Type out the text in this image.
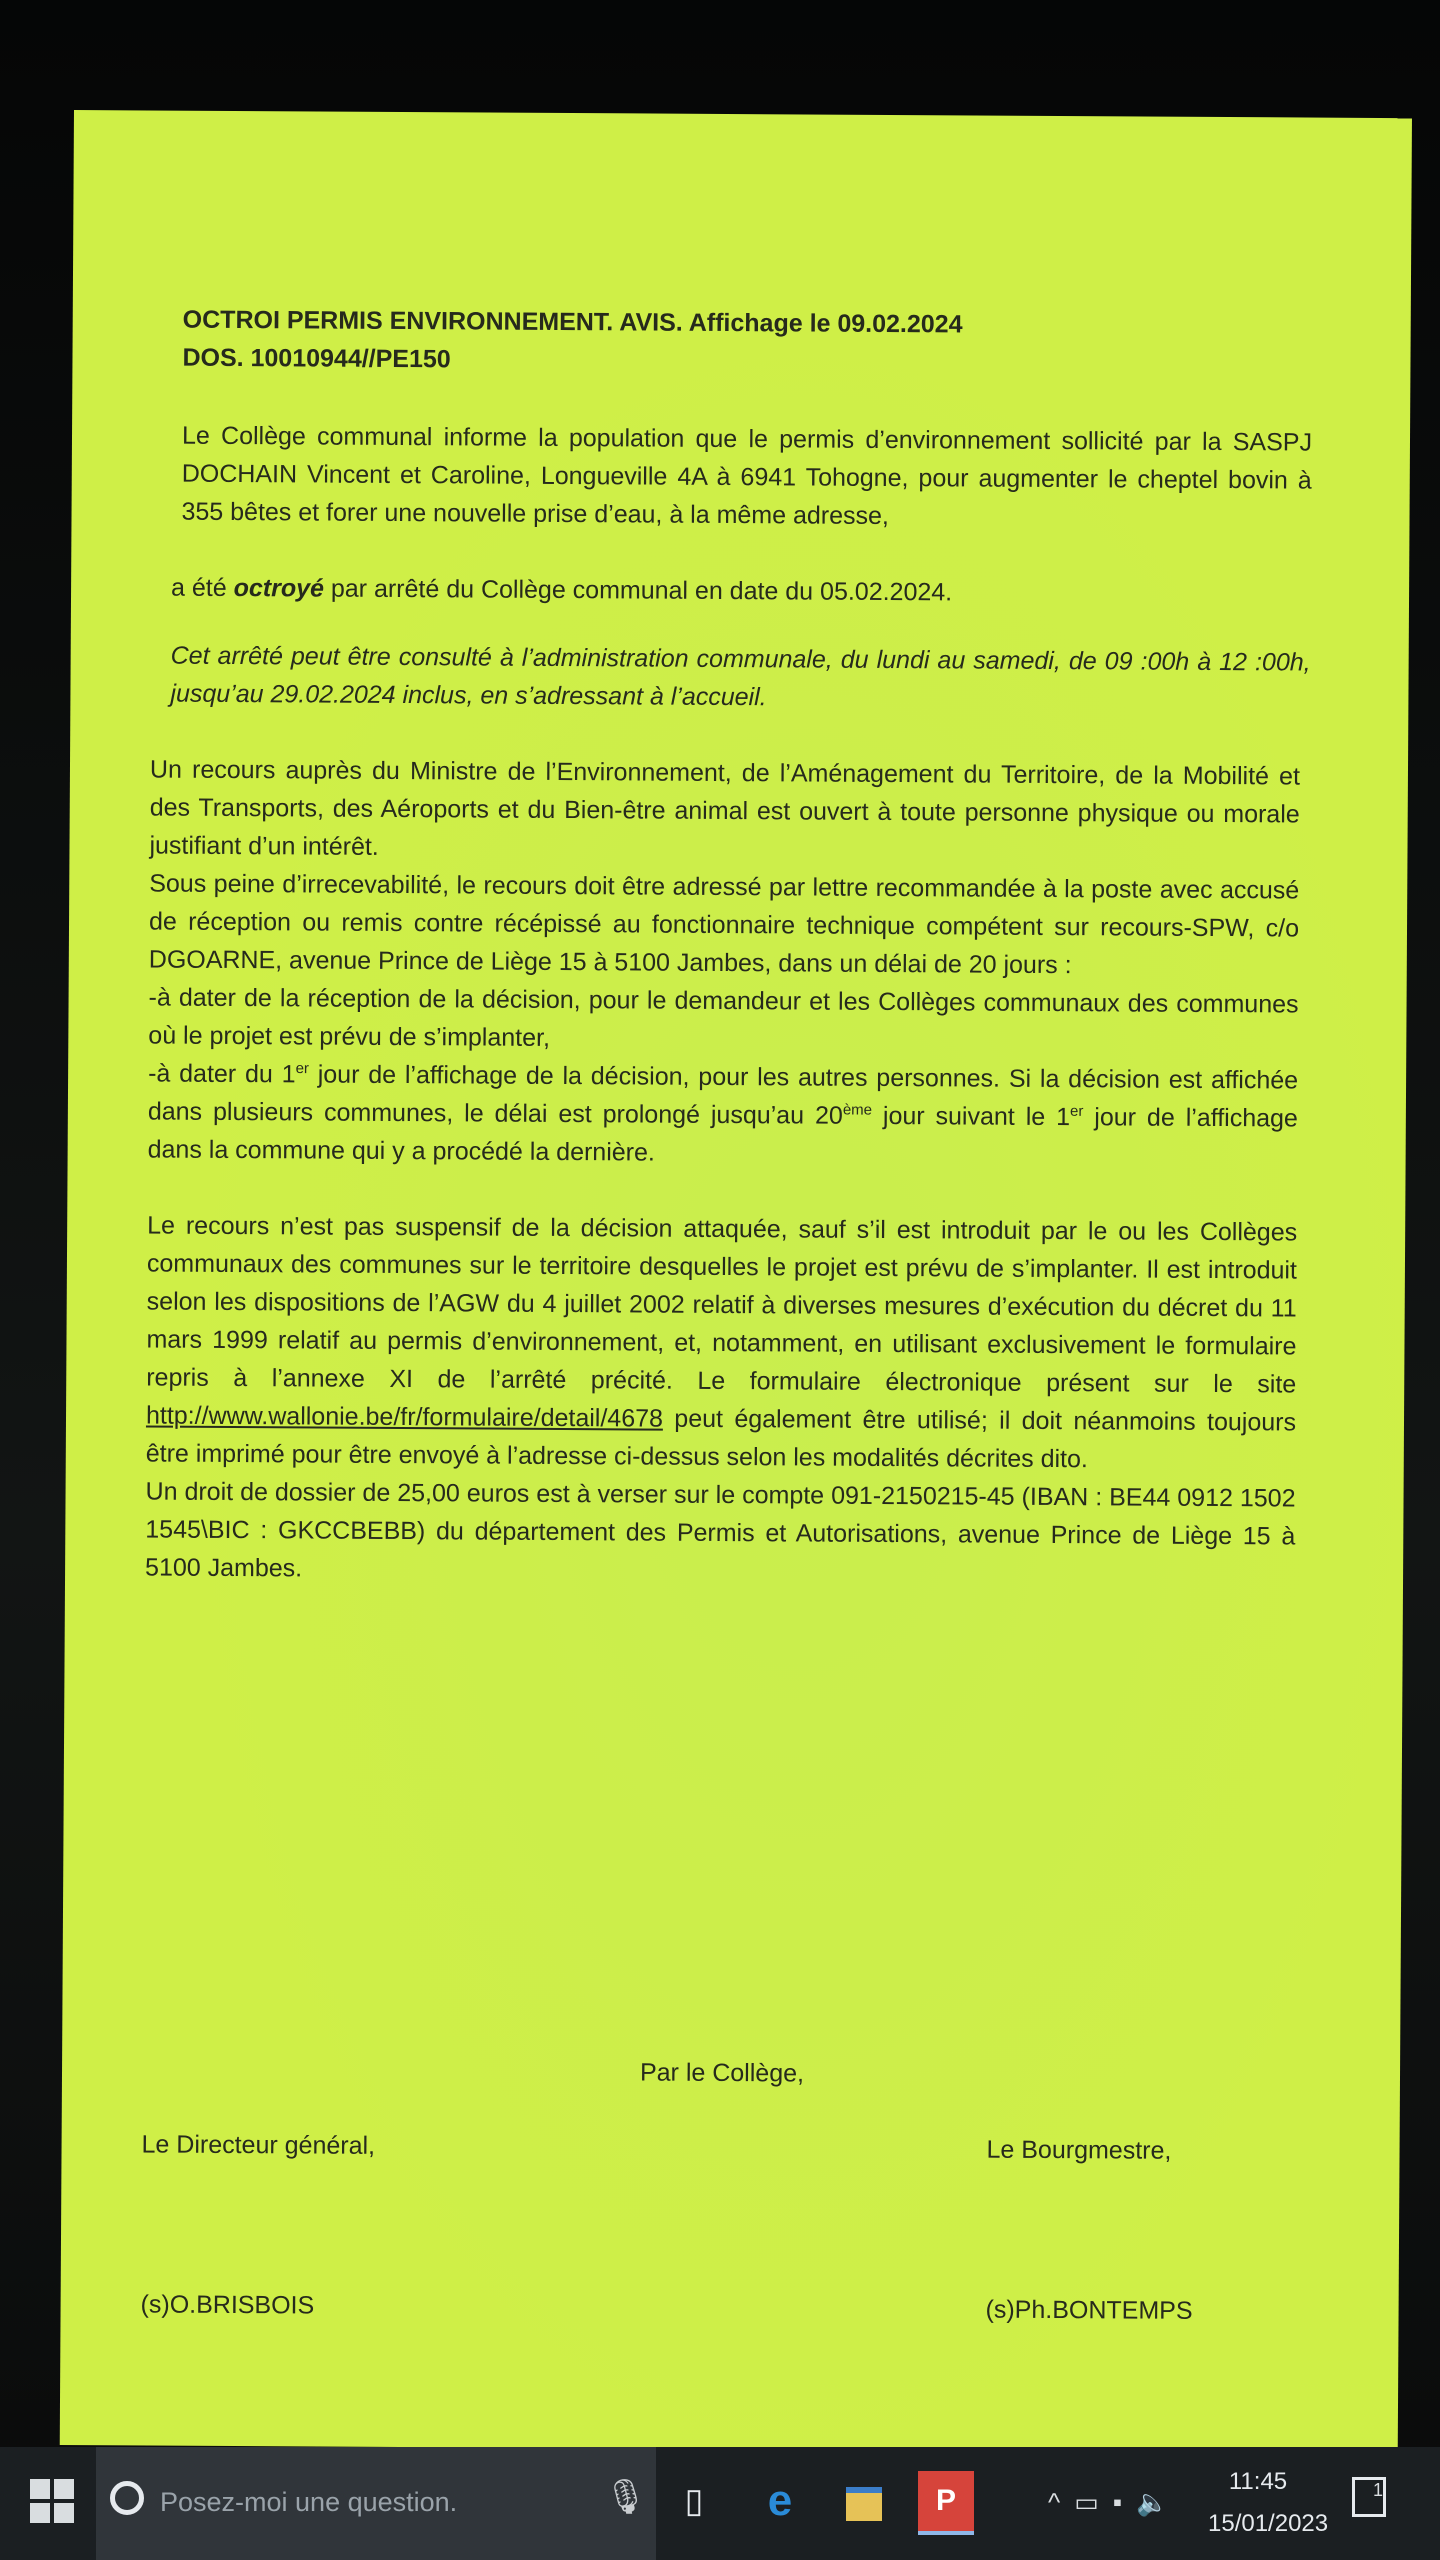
OCTROI PERMIS ENVIRONNEMENT. AVIS. Affichage le 09.02.2024
DOS. 10010944//PE150

Le Collège communal informe la population que le permis d’environnement sollicité par la SASPJ DOCHAIN Vincent et Caroline, Longueville 4A à 6941 Tohogne, pour augmenter le cheptel bovin à 355 bêtes et forer une nouvelle prise d’eau, à la même adresse,

a été octroyé par arrêté du Collège communal en date du 05.02.2024.

Cet arrêté peut être consulté à l’administration communale, du lundi au samedi, de 09 :00h à 12 :00h, jusqu’au 29.02.2024 inclus, en s’adressant à l’accueil.

Un recours auprès du Ministre de l’Environnement, de l’Aménagement du Territoire, de la Mobilité et des Transports, des Aéroports et du Bien-être animal est ouvert à toute personne physique ou morale justifiant d’un intérêt.

Sous peine d’irrecevabilité, le recours doit être adressé par lettre recommandée à la poste avec accusé de réception ou remis contre récépissé au fonctionnaire technique compétent sur recours-SPW, c/o DGOARNE, avenue Prince de Liège 15 à 5100 Jambes, dans un délai de 20 jours :

-à dater de la réception de la décision, pour le demandeur et les Collèges communaux des communes où le projet est prévu de s’implanter,

-à dater du 1er jour de l’affichage de la décision, pour les autres personnes. Si la décision est affichée dans plusieurs communes, le délai est prolongé jusqu’au 20ème jour suivant le 1er jour de l’affichage dans la commune qui y a procédé la dernière.

Le recours n’est pas suspensif de la décision attaquée, sauf s’il est introduit par le ou les Collèges communaux des communes sur le territoire desquelles le projet est prévu de s’implanter. Il est introduit selon les dispositions de l’AGW du 4 juillet 2002 relatif à diverses mesures d’exécution du décret du 11 mars 1999 relatif au permis d’environnement, et, notamment, en utilisant exclusivement le formulaire repris à l’annexe XI de l’arrêté précité. Le formulaire électronique présent sur le site http://www.wallonie.be/fr/formulaire/detail/4678 peut également être utilisé; il doit néanmoins toujours être imprimé pour être envoyé à l’adresse ci-dessus selon les modalités décrites dito.

Un droit de dossier de 25,00 euros est à verser sur le compte 091-2150215-45 (IBAN : BE44 0912 1502 1545\BIC : GKCCBEBB) du département des Permis et Autorisations, avenue Prince de Liège 15 à 5100 Jambes.

Par le Collège,
Le Directeur général,	Le Bourgmestre,
(s)O.BRISBOIS	(s)Ph.BONTEMPS
Posez-moi une question.	🎙	▯ e	P	^▭▪🔈
11:45
15/01/2023
1
